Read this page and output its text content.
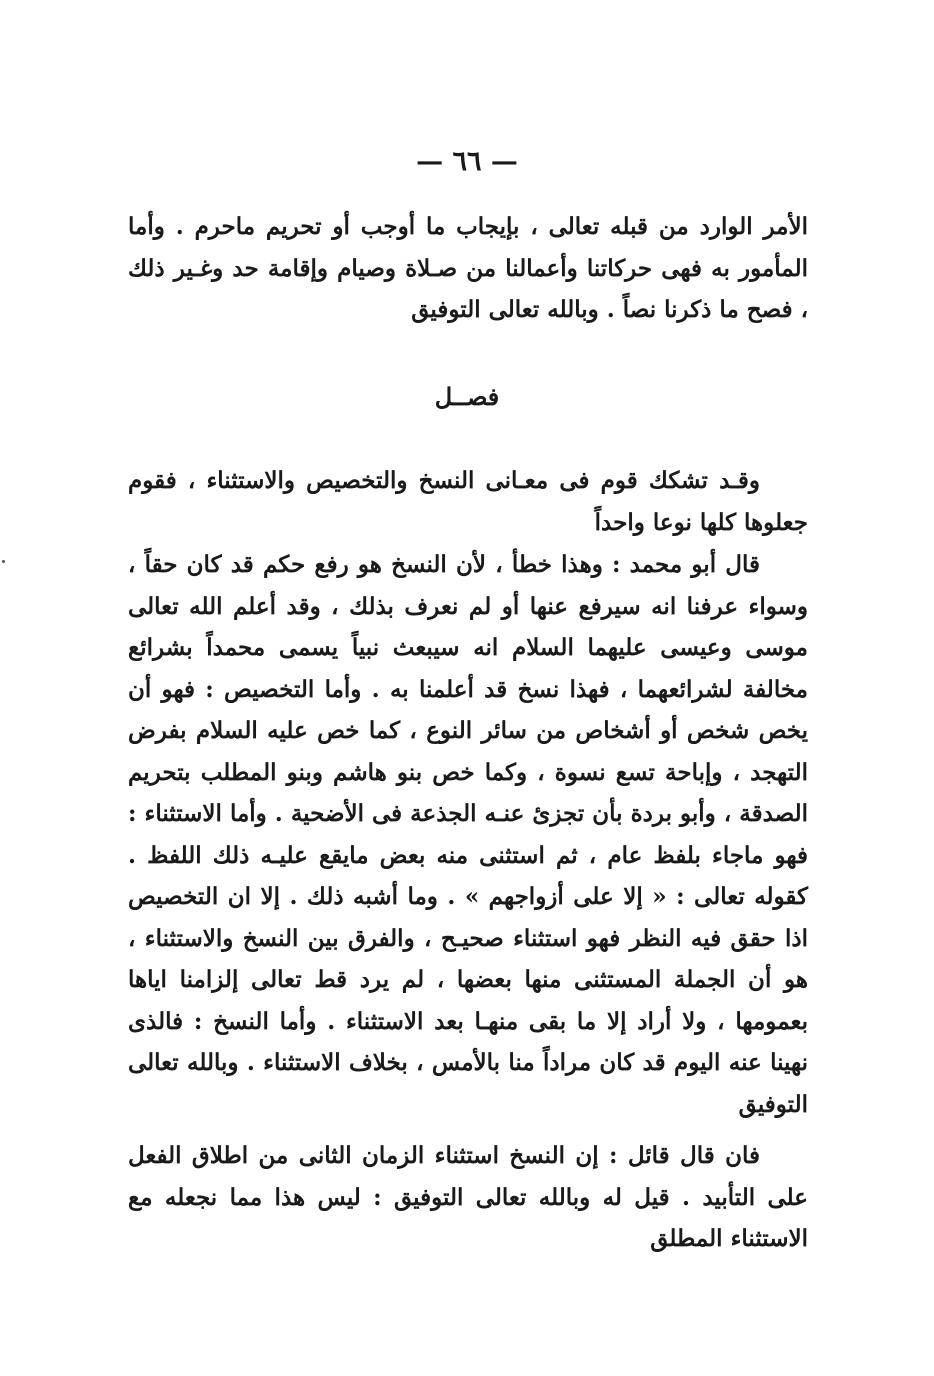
— ٦٦ —

الأمر الوارد من قبله تعالى ، بإيجاب ما أوجب أو تحريم ماحرم . وأما المأمور به فهى حركاتنا وأعمالنا من صـلاة وصيام وإقامة حد وغـير ذلك ، فصح ما ذكرنا نصاً . وبالله تعالى التوفيق

فصــل

وقـد تشكك قوم فى معـانى النسخ والتخصيص والاستثناء ، فقوم جعلوها كلها نوعا واحداً

قال أبو محمد : وهذا خطأ ، لأن النسخ هو رفع حكم قد كان حقاً ، وسواء عرفنا انه سيرفع عنها أو لم نعرف بذلك ، وقد أعلم الله تعالى موسى وعيسى عليهما السلام انه سيبعث نبياً يسمى محمداً بشرائع مخالفة لشرائعهما ، فهذا نسخ قد أعلمنا به . وأما التخصيص : فهو أن يخص شخص أو أشخاص من سائر النوع ، كما خص عليه السلام بفرض التهجد ، وإباحة تسع نسوة ، وكما خص بنو هاشم وبنو المطلب بتحريم الصدقة ، وأبو بردة بأن تجزئ عنـه الجذعة فى الأضحية . وأما الاستثناء : فهو ماجاء بلفظ عام ، ثم استثنى منه بعض مايقع عليـه ذلك اللفظ . كقوله تعالى : « إلا على أزواجهم » . وما أشبه ذلك . إلا ان التخصيص اذا حقق فيه النظر فهو استثناء صحيـح ، والفرق بين النسخ والاستثناء ، هو أن الجملة المستثنى منها بعضها ، لم يرد قط تعالى إلزامنا اياها بعمومها ، ولا أراد إلا ما بقى منهـا بعد الاستثناء . وأما النسخ : فالذى نهينا عنه اليوم قد كان مراداً منا بالأمس ، بخلاف الاستثناء . وبالله تعالى التوفيق

فان قال قائل : إن النسخ استثناء الزمان الثانى من اطلاق الفعل على التأبيد . قيل له وبالله تعالى التوفيق : ليس هذا مما نجعله مع الاستثناء المطلق
